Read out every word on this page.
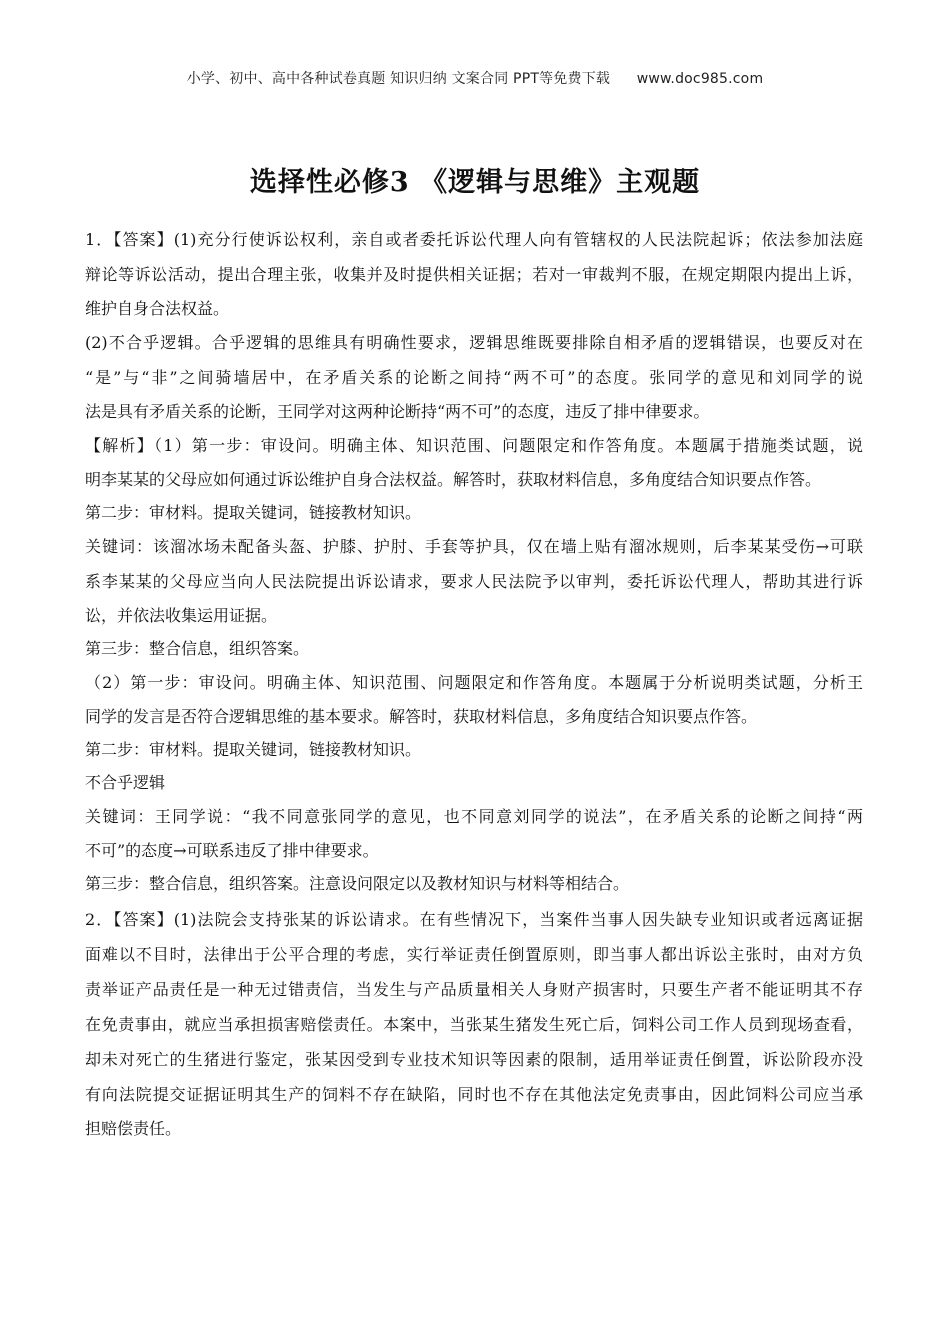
小学、初中、高中各种试卷真题 知识归纳 文案合同 PPT等免费下载 www.doc985.com
选择性必修3 《逻辑与思维》主观题
1．【答案】(1)充分行使诉讼权利，亲自或者委托诉讼代理人向有管辖权的人民法院起诉；依法参加法庭
辩论等诉讼活动，提出合理主张，收集并及时提供相关证据；若对一审裁判不服，在规定期限内提出上诉，
维护自身合法权益。
(2)不合乎逻辑。合乎逻辑的思维具有明确性要求，逻辑思维既要排除自相矛盾的逻辑错误，也要反对在
“是”与“非”之间骑墙居中，在矛盾关系的论断之间持“两不可”的态度。张同学的意见和刘同学的说
法是具有矛盾关系的论断，王同学对这两种论断持“两不可”的态度，违反了排中律要求。
【解析】（1）第一步：审设问。明确主体、知识范围、问题限定和作答角度。本题属于措施类试题，说
明李某某的父母应如何通过诉讼维护自身合法权益。解答时，获取材料信息，多角度结合知识要点作答。
第二步：审材料。提取关键词，链接教材知识。
关键词：该溜冰场未配备头盔、护膝、护肘、手套等护具，仅在墙上贴有溜冰规则，后李某某受伤→可联
系李某某的父母应当向人民法院提出诉讼请求，要求人民法院予以审判，委托诉讼代理人，帮助其进行诉
讼，并依法收集运用证据。
第三步：整合信息，组织答案。
（2）第一步：审设问。明确主体、知识范围、问题限定和作答角度。本题属于分析说明类试题，分析王
同学的发言是否符合逻辑思维的基本要求。解答时，获取材料信息，多角度结合知识要点作答。
第二步：审材料。提取关键词，链接教材知识。
不合乎逻辑
关键词：王同学说：“我不同意张同学的意见，也不同意刘同学的说法”，在矛盾关系的论断之间持“两
不可”的态度→可联系违反了排中律要求。
第三步：整合信息，组织答案。注意设问限定以及教材知识与材料等相结合。
2．【答案】(1)法院会支持张某的诉讼请求。在有些情况下，当案件当事人因失缺专业知识或者远离证据
面难以不目时，法律出于公平合理的考虑，实行举证责任倒置原则，即当事人都出诉讼主张时，由对方负
责举证产品责任是一种无过错责信，当发生与产品质量相关人身财产损害时，只要生产者不能证明其不存
在免责事由，就应当承担损害赔偿责任。本案中，当张某生猪发生死亡后，饲料公司工作人员到现场查看，
却未对死亡的生猪进行鉴定，张某因受到专业技术知识等因素的限制，适用举证责任倒置，诉讼阶段亦没
有向法院提交证据证明其生产的饲料不存在缺陷，同时也不存在其他法定免责事由，因此饲料公司应当承
担赔偿责任。
